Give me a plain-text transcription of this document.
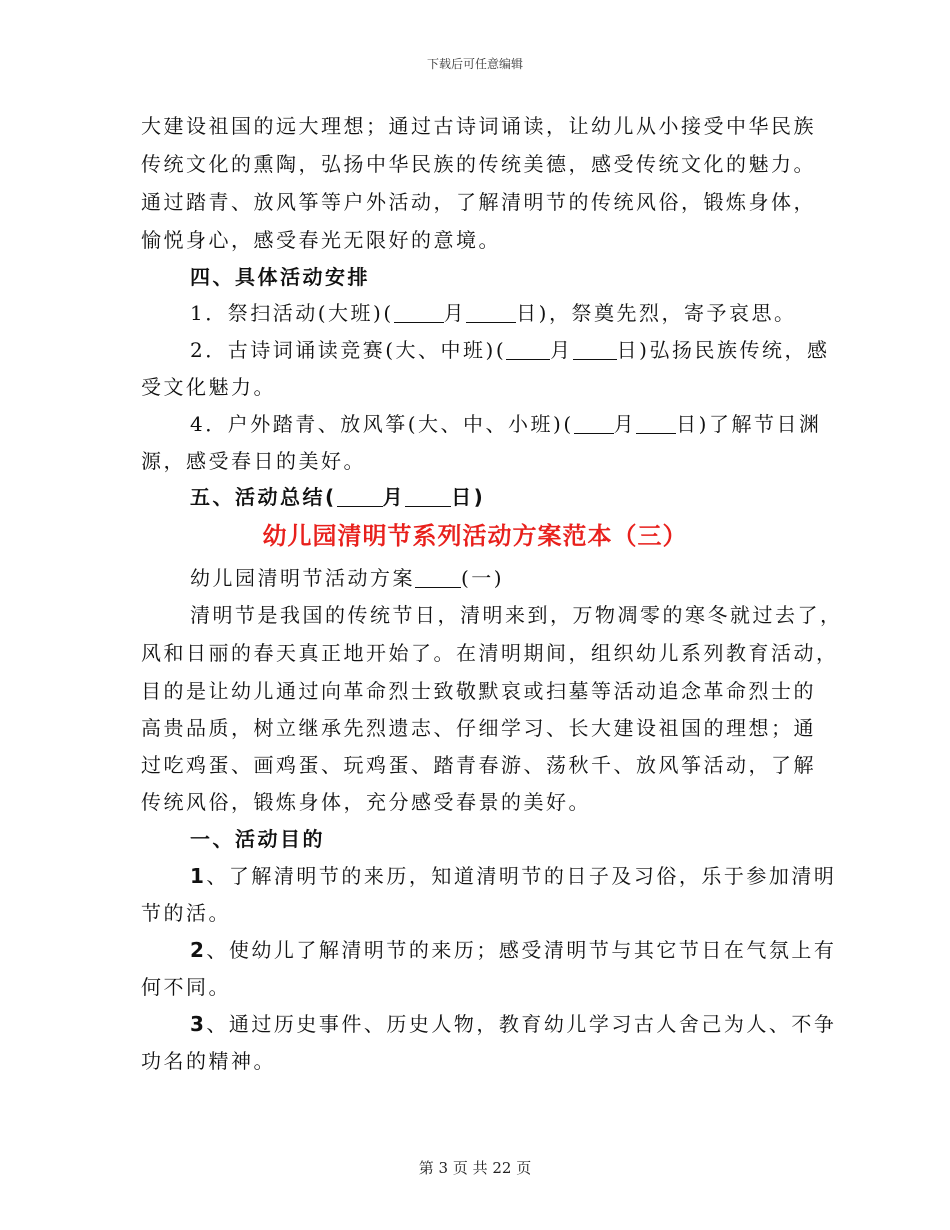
下载后可任意编辑
大建设祖国的远大理想；通过古诗词诵读，让幼儿从小接受中华民族
传统文化的熏陶，弘扬中华民族的传统美德，感受传统文化的魅力。
通过踏青、放风筝等户外活动，了解清明节的传统风俗，锻炼身体，
愉悦身心，感受春光无限好的意境。
四、具体活动安排
1．祭扫活动(大班)(	月	日)，祭奠先烈，寄予哀思。
2．古诗词诵读竞赛(大、中班)( 月 日)弘扬民族传统，感
受文化魅力。
4．户外踏青、放风筝(大、中、小班)( 月 日)了解节日渊
源，感受春日的美好。
五、活动总结( 月 日)
幼儿园清明节系列活动方案范本（三）
幼儿园清明节活动方案 (一)
清明节是我国的传统节日，清明来到，万物凋零的寒冬就过去了，
风和日丽的春天真正地开始了。在清明期间，组织幼儿系列教育活动，
目的是让幼儿通过向革命烈士致敬默哀或扫墓等活动追念革命烈士的
高贵品质，树立继承先烈遗志、仔细学习、长大建设祖国的理想；通
过吃鸡蛋、画鸡蛋、玩鸡蛋、踏青春游、荡秋千、放风筝活动，了解
传统风俗，锻炼身体，充分感受春景的美好。
一、活动目的
1、了解清明节的来历，知道清明节的日子及习俗，乐于参加清明
节的活。
2、使幼儿了解清明节的来历；感受清明节与其它节日在气氛上有
何不同。
3、通过历史事件、历史人物，教育幼儿学习古人舍己为人、不争
功名的精神。
第 3 页 共 22 页
